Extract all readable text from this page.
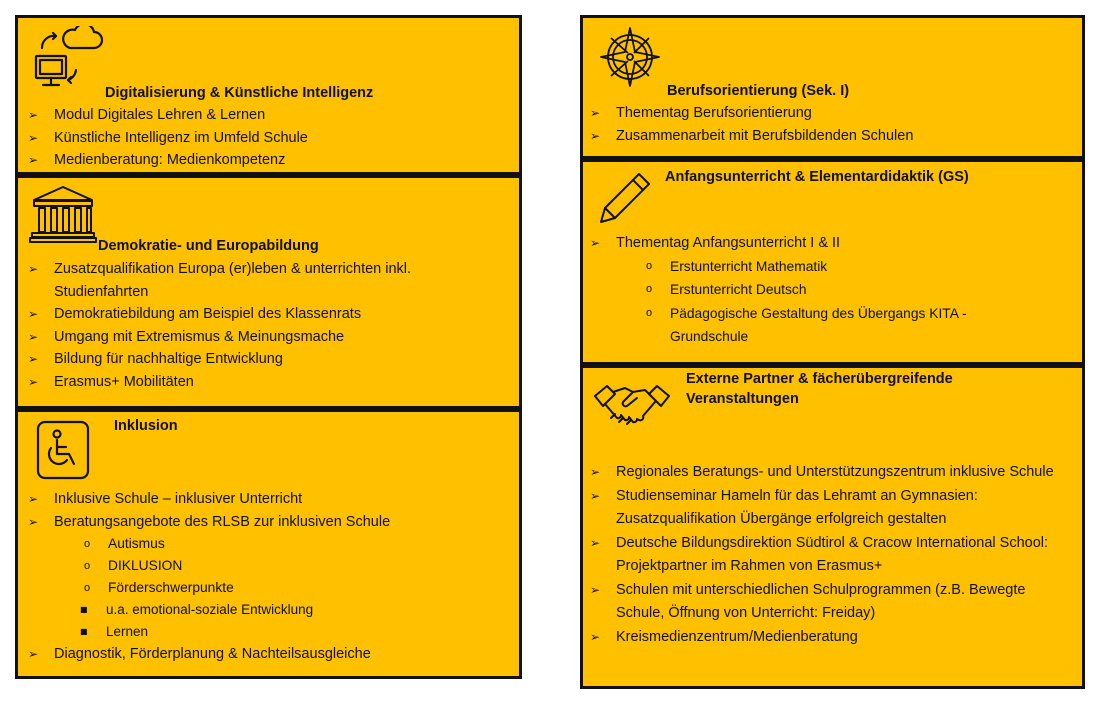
Digitalisierung & Künstliche Intelligenz
➢ Modul Digitales Lehren & Lernen
➢ Künstliche Intelligenz im Umfeld Schule
➢ Medienberatung: Medienkompetenz
Demokratie- und Europabildung
➢ Zusatzqualifikation Europa (er)leben & unterrichten inkl. Studienfahrten
➢ Demokratiebildung am Beispiel des Klassenrats
➢ Umgang mit Extremismus & Meinungsmache
➢ Bildung für nachhaltige Entwicklung
➢ Erasmus+ Mobilitäten
Inklusion
➢ Inklusive Schule – inklusiver Unterricht
➢ Beratungsangebote des RLSB zur inklusiven Schule
o Autismus
o DIKLUSION
o Förderschwerpunkte
■ u.a. emotional-soziale Entwicklung
■ Lernen
➢ Diagnostik, Förderplanung & Nachteilsausgleiche
Berufsorientierung (Sek. I)
➢ Thementag Berufsorientierung
➢ Zusammenarbeit mit Berufsbildenden Schulen
Anfangsunterricht & Elementardidaktik (GS)
➢ Thementag Anfangsunterricht I & II
o Erstunterricht Mathematik
o Erstunterricht Deutsch
o Pädagogische Gestaltung des Übergangs KITA - Grundschule
Externe Partner & fächerübergreifende Veranstaltungen
➢ Regionales Beratungs- und Unterstützungszentrum inklusive Schule
➢ Studienseminar Hameln für das Lehramt an Gymnasien: Zusatzqualifikation Übergänge erfolgreich gestalten
➢ Deutsche Bildungsdirektion Südtirol & Cracow International School: Projektpartner im Rahmen von Erasmus+
➢ Schulen mit unterschiedlichen Schulprogrammen (z.B. Bewegte Schule, Öffnung von Unterricht: Freiday)
➢ Kreismedienzentrum/Medienberatung
